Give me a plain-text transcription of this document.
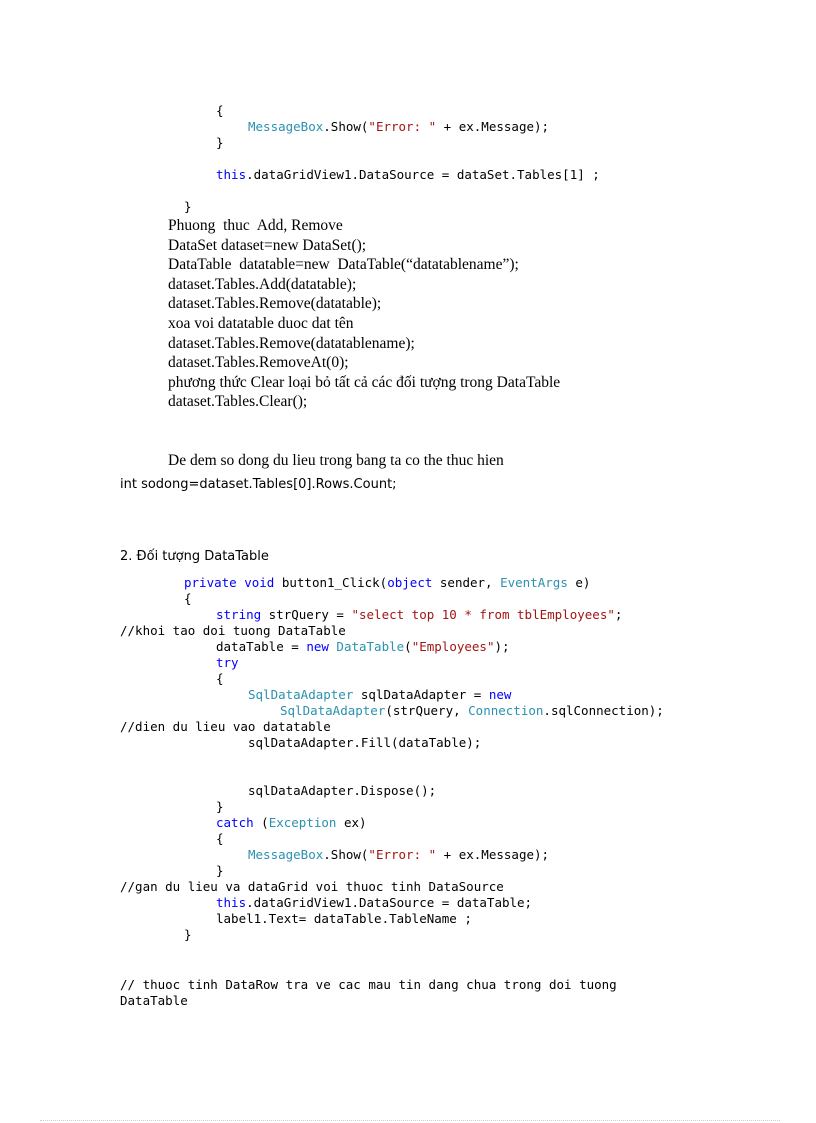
{

MessageBox.Show("Error: " + ex.Message);

}

this.dataGridView1.DataSource = dataSet.Tables[1] ;

}

Phuong  thuc  Add, Remove

DataSet dataset=new DataSet();

DataTable  datatable=new  DataTable(“datatablename”);

dataset.Tables.Add(datatable);

dataset.Tables.Remove(datatable);

xoa voi datatable duoc dat tên

dataset.Tables.Remove(datatablename);

dataset.Tables.RemoveAt(0);

phương thức Clear loại bỏ tất cả các đối tượng trong DataTable

dataset.Tables.Clear();

De dem so dong du lieu trong bang ta co the thuc hien

int sodong=dataset.Tables[0].Rows.Count;

2. Đối tượng DataTable

private void button1_Click(object sender, EventArgs e)

{

string strQuery = "select top 10 * from tblEmployees";

//khoi tao doi tuong DataTable

dataTable = new DataTable("Employees");

try

{

SqlDataAdapter sqlDataAdapter = new

SqlDataAdapter(strQuery, Connection.sqlConnection);

//dien du lieu vao datatable

sqlDataAdapter.Fill(dataTable);

sqlDataAdapter.Dispose();

}

catch (Exception ex)

{

MessageBox.Show("Error: " + ex.Message);

}

//gan du lieu va dataGrid voi thuoc tinh DataSource

this.dataGridView1.DataSource = dataTable;

label1.Text= dataTable.TableName ;

}

// thuoc tinh DataRow tra ve cac mau tin dang chua trong doi tuong

DataTable
